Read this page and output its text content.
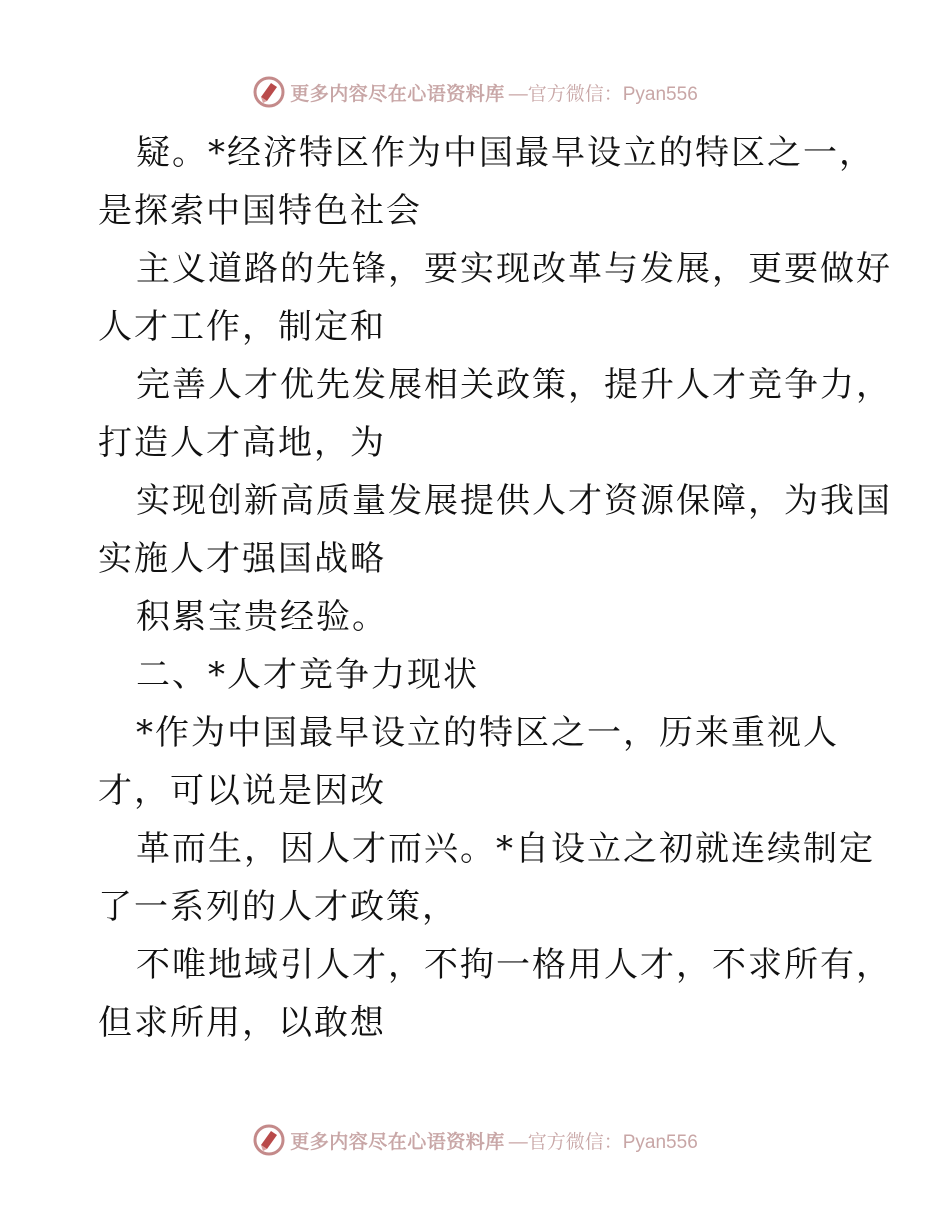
更多内容尽在心语资料库 —官方微信：Pyan556
疑。*经济特区作为中国最早设立的特区之一，
是探索中国特色社会
主义道路的先锋，要实现改革与发展，更要做好
人才工作，制定和
完善人才优先发展相关政策，提升人才竞争力，
打造人才高地，为
实现创新高质量发展提供人才资源保障，为我国
实施人才强国战略
积累宝贵经验。
二、*人才竞争力现状
*作为中国最早设立的特区之一，历来重视人
才，可以说是因改
革而生，因人才而兴。*自设立之初就连续制定
了一系列的人才政策，
不唯地域引人才，不拘一格用人才，不求所有，
但求所用，以敢想
更多内容尽在心语资料库 —官方微信：Pyan556
